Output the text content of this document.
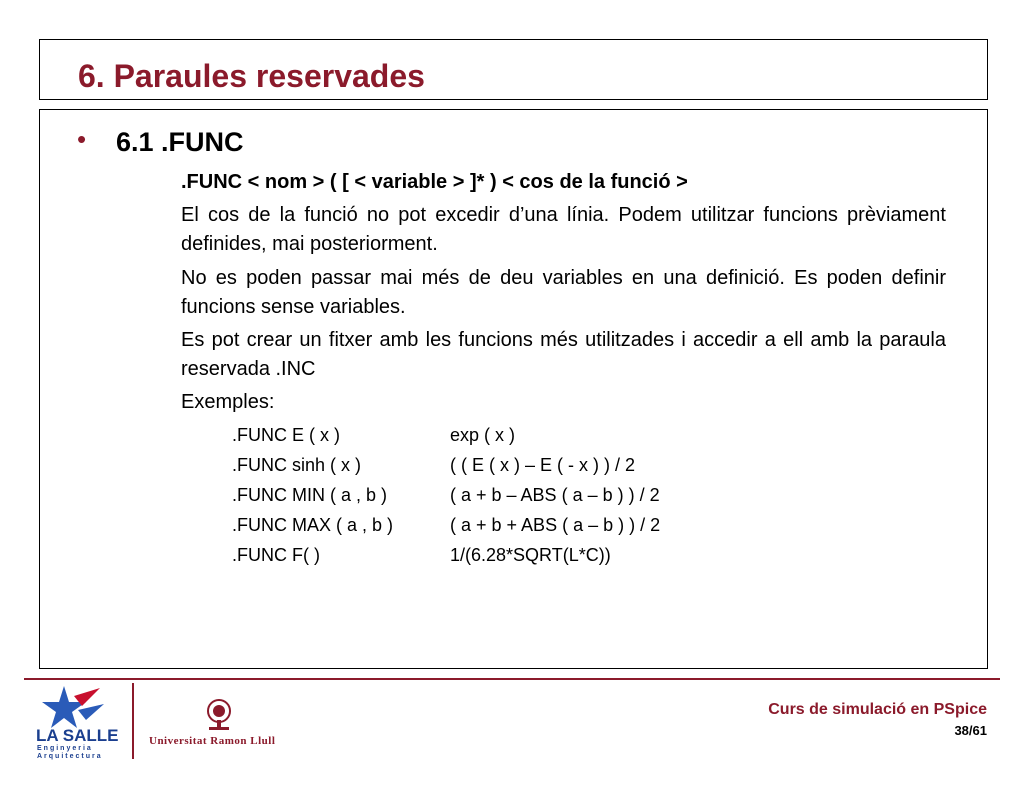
6. Paraules reservades
• 6.1 .FUNC
.FUNC < nom > ( [ < variable > ]* ) < cos de la funció >
El cos de la funció no pot excedir d’una línia. Podem utilitzar funcions prèviament definides, mai posteriorment.
No es poden passar mai més de deu variables en una definició. Es poden definir funcions sense variables.
Es pot crear un fitxer amb les funcions més utilitzades i accedir a ell amb la paraula reservada .INC
Exemples:
.FUNC E ( x )	exp ( x )
.FUNC sinh ( x )	( ( E ( x ) – E ( - x ) ) / 2
.FUNC MIN ( a , b )	( a + b – ABS ( a – b ) ) / 2
.FUNC MAX ( a , b )	( a + b + ABS ( a – b ) ) / 2
.FUNC F( )	1/(6.28*SQRT(L*C))
LA SALLE
Enginyeria Arquitectura
Universitat Ramon Llull
Curs de simulació en PSpice
38/61
